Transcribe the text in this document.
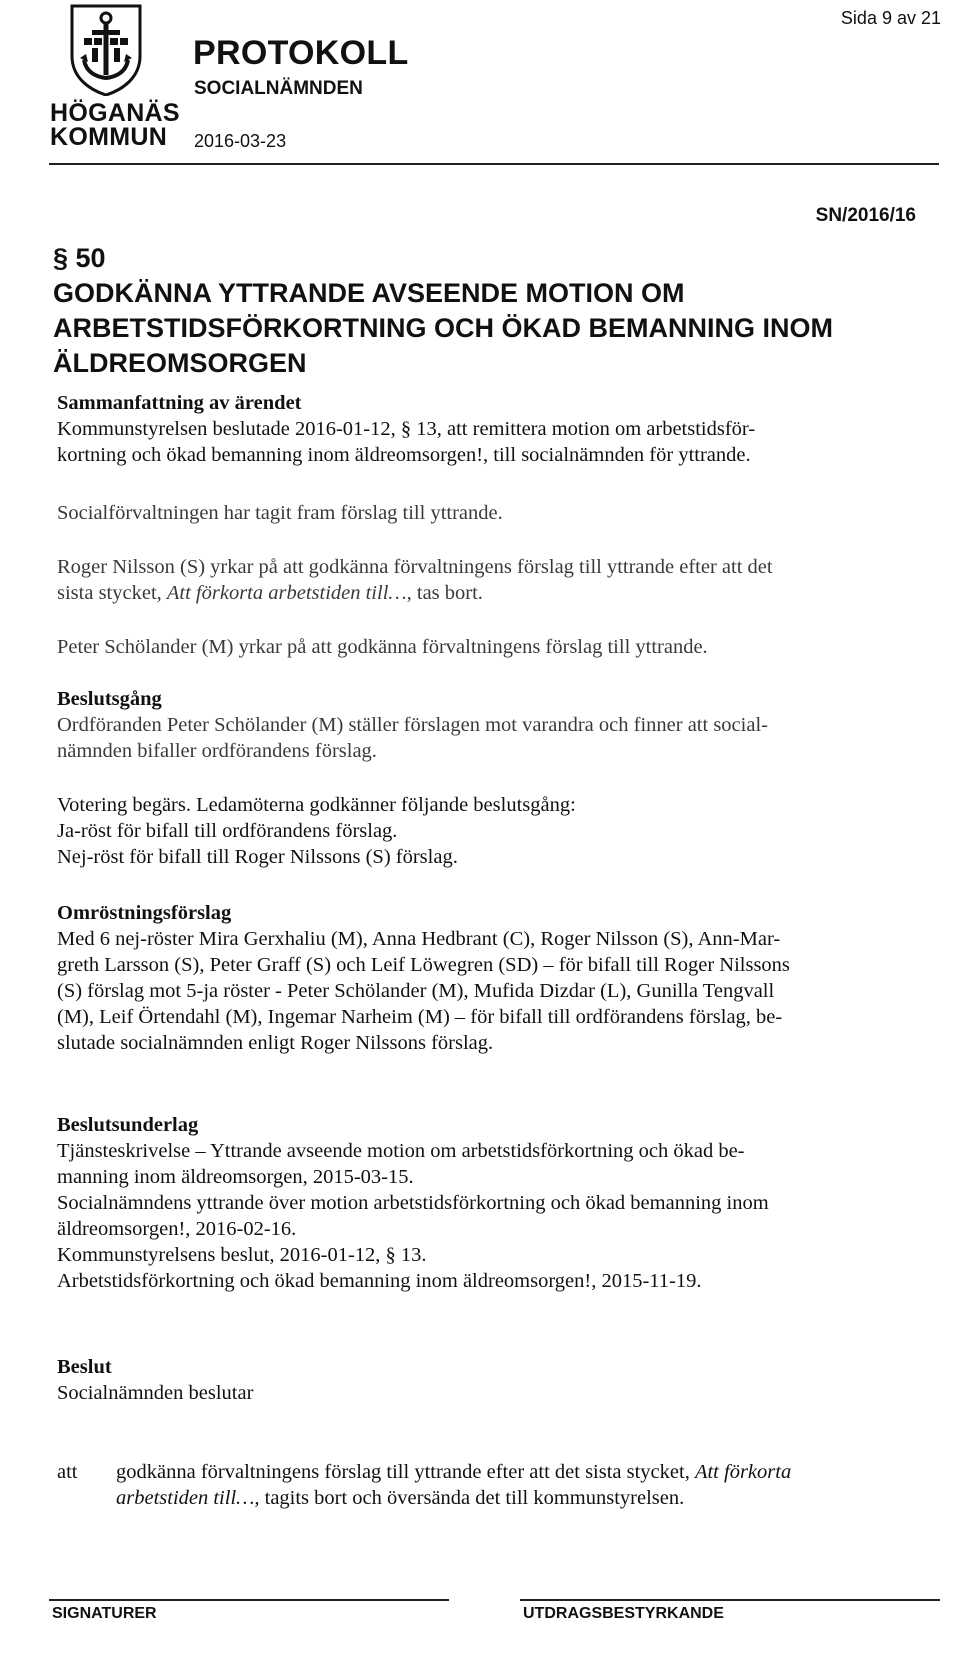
HÖGANÄS
KOMMUN
PROTOKOLL
SOCIALNÄMNDEN
2016-03-23
Sida 9 av 21
SN/2016/16
§ 50
GODKÄNNA YTTRANDE AVSEENDE MOTION OM ARBETSTIDSFÖRKORTNING OCH ÖKAD BEMANNING INOM ÄLDREOMSORGEN
Sammanfattning av ärendet

Kommunstyrelsen beslutade 2016-01-12, § 13, att remittera motion om arbetstidsför-

kortning och ökad bemanning inom äldreomsorgen!, till socialnämnden för yttrande.

Socialförvaltningen har tagit fram förslag till yttrande.

Roger Nilsson (S) yrkar på att godkänna förvaltningens förslag till yttrande efter att det

sista stycket, Att förkorta arbetstiden till…, tas bort.

Peter Schölander (M) yrkar på att godkänna förvaltningens förslag till yttrande.
Beslutsgång

Ordföranden Peter Schölander (M) ställer förslagen mot varandra och finner att social-

nämnden bifaller ordförandens förslag.

Votering begärs. Ledamöterna godkänner följande beslutsgång:

Ja-röst för bifall till ordförandens förslag.

Nej-röst för bifall till Roger Nilssons (S) förslag.

Omröstningsförslag

Med 6 nej-röster Mira Gerxhaliu (M), Anna Hedbrant (C), Roger Nilsson (S), Ann-Mar-

greth Larsson (S), Peter Graff (S) och Leif Löwegren (SD) – för bifall till Roger Nilssons

(S) förslag mot 5-ja röster - Peter Schölander (M), Mufida Dizdar (L), Gunilla Tengvall

(M), Leif Örtendahl (M), Ingemar Narheim (M) – för bifall till ordförandens förslag, be-

slutade socialnämnden enligt Roger Nilssons förslag.

Beslutsunderlag

Tjänsteskrivelse – Yttrande avseende motion om arbetstidsförkortning och ökad be-

manning inom äldreomsorgen, 2015-03-15.

Socialnämndens yttrande över motion arbetstidsförkortning och ökad bemanning inom

äldreomsorgen!, 2016-02-16.

Kommunstyrelsens beslut, 2016-01-12, § 13.

Arbetstidsförkortning och ökad bemanning inom äldreomsorgen!, 2015-11-19.

Beslut

Socialnämnden beslutar

att godkänna förvaltningens förslag till yttrande efter att det sista stycket, Att förkorta
arbetstiden till…, tagits bort och översända det till kommunstyrelsen.
SIGNATURER	UTDRAGSBESTYRKANDE
